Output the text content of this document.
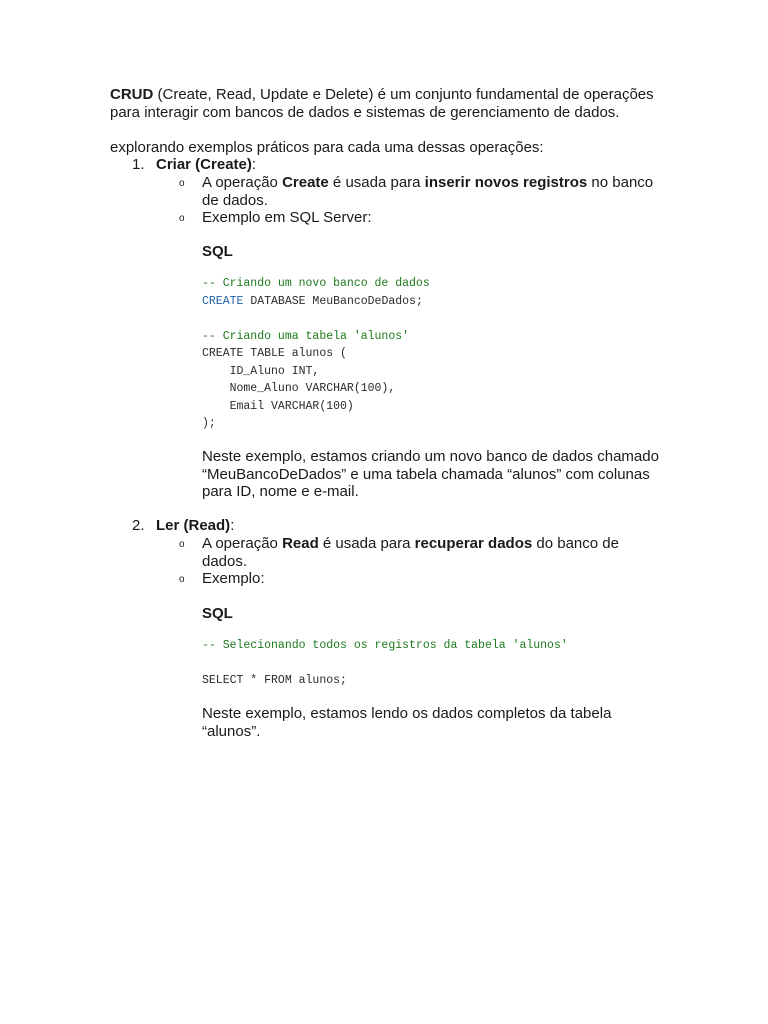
CRUD (Create, Read, Update e Delete) é um conjunto fundamental de operações para interagir com bancos de dados e sistemas de gerenciamento de dados.

explorando exemplos práticos para cada uma dessas operações:

1. Criar (Create):
o A operação Create é usada para inserir novos registros no banco de dados.
o Exemplo em SQL Server:
SQL
-- Criando um novo banco de dados
CREATE DATABASE MeuBancoDeDados;

-- Criando uma tabela 'alunos'
CREATE TABLE alunos (
ID_Aluno INT,
Nome_Aluno VARCHAR(100),
Email VARCHAR(100)
);
Neste exemplo, estamos criando um novo banco de dados chamado “MeuBancoDeDados” e uma tabela chamada “alunos” com colunas para ID, nome e e-mail.
2. Ler (Read):
o A operação Read é usada para recuperar dados do banco de dados.
o Exemplo:
SQL
-- Selecionando todos os registros da tabela 'alunos'

SELECT * FROM alunos;
Neste exemplo, estamos lendo os dados completos da tabela “alunos”.
